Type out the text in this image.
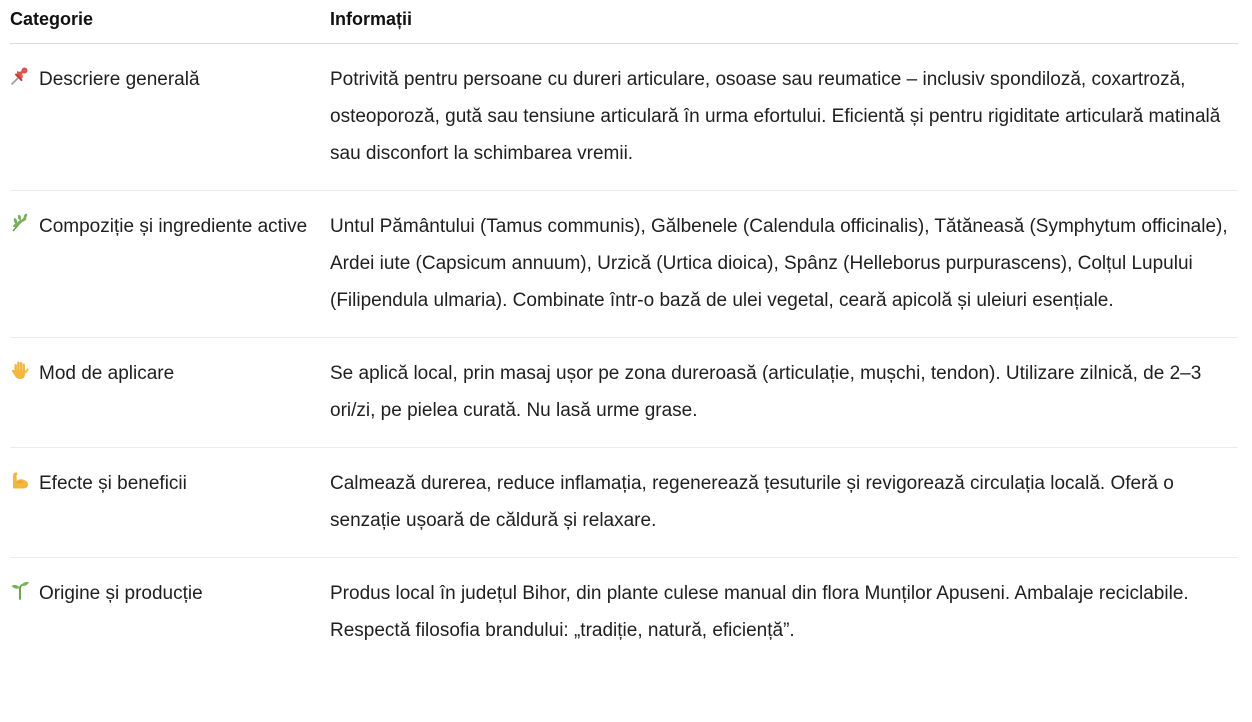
Categorie	Informații

Descriere generală	Potrivită pentru persoane cu dureri articulare, osoase sau reumatice – inclusiv spondiloză, coxartroză, osteoporoză, gută sau tensiune articulară în urma efortului. Eficientă și pentru rigiditate articulară matinală sau disconfort la schimbarea vremii.

Compoziție și ingrediente active	Untul Pământului (Tamus communis), Gălbenele (Calendula officinalis), Tătăneasă (Symphytum officinale), Ardei iute (Capsicum annuum), Urzică (Urtica dioica), Spânz (Helleborus purpurascens), Colțul Lupului (Filipendula ulmaria). Combinate într-o bază de ulei vegetal, ceară apicolă și uleiuri esențiale.

Mod de aplicare	Se aplică local, prin masaj ușor pe zona dureroasă (articulație, mușchi, tendon). Utilizare zilnică, de 2–3 ori/zi, pe pielea curată. Nu lasă urme grase.

Efecte și beneficii	Calmează durerea, reduce inflamația, regenerează țesuturile și revigorează circulația locală. Oferă o senzație ușoară de căldură și relaxare.

Origine și producție	Produs local în județul Bihor, din plante culese manual din flora Munților Apuseni. Ambalaje reciclabile. Respectă filosofia brandului: „tradiție, natură, eficiență”.
